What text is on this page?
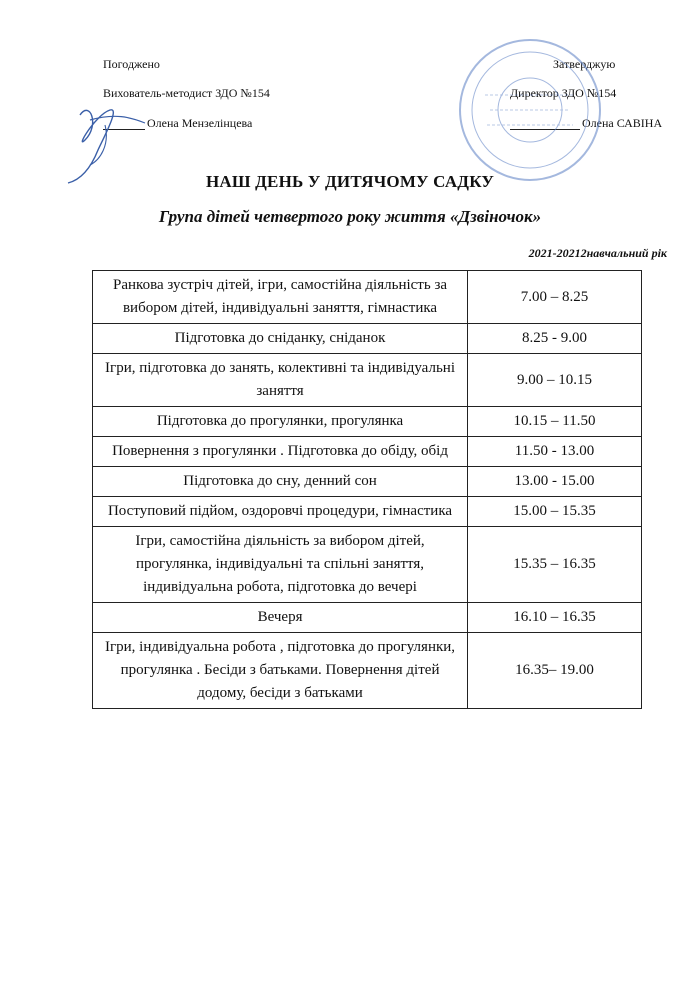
Погоджено
Вихователь-методист ЗДО №154
Олена Мензелінцева
Затверджую
Директор ЗДО №154
Олена САВІНА
НАШ ДЕНЬ У ДИТЯЧОМУ САДКУ
Група дітей четвертого року життя «Дзвіночок»
2021-20212навчальний рік
Ранкова зустріч дітей, ігри, самостійна діяльність за вибором дітей, індивідуальні заняття, гімнастика	7.00 – 8.25
Підготовка до сніданку, сніданок	8.25 - 9.00
Ігри, підготовка до занять, колективні та індивідуальні заняття	9.00 – 10.15
Підготовка до прогулянки, прогулянка	10.15 – 11.50
Повернення з прогулянки . Підготовка до обіду, обід	11.50 - 13.00
Підготовка до сну, денний сон	13.00 - 15.00
Поступовий підйом, оздоровчі процедури, гімнастика	15.00 – 15.35
Ігри, самостійна діяльність за вибором дітей, прогулянка, індивідуальні та спільні заняття, індивідуальна робота, підготовка до вечері	15.35 – 16.35
Вечеря	16.10 – 16.35
Ігри, індивідуальна робота , підготовка до прогулянки, прогулянка . Бесіди з батьками. Повернення дітей додому, бесіди з батьками	16.35– 19.00
